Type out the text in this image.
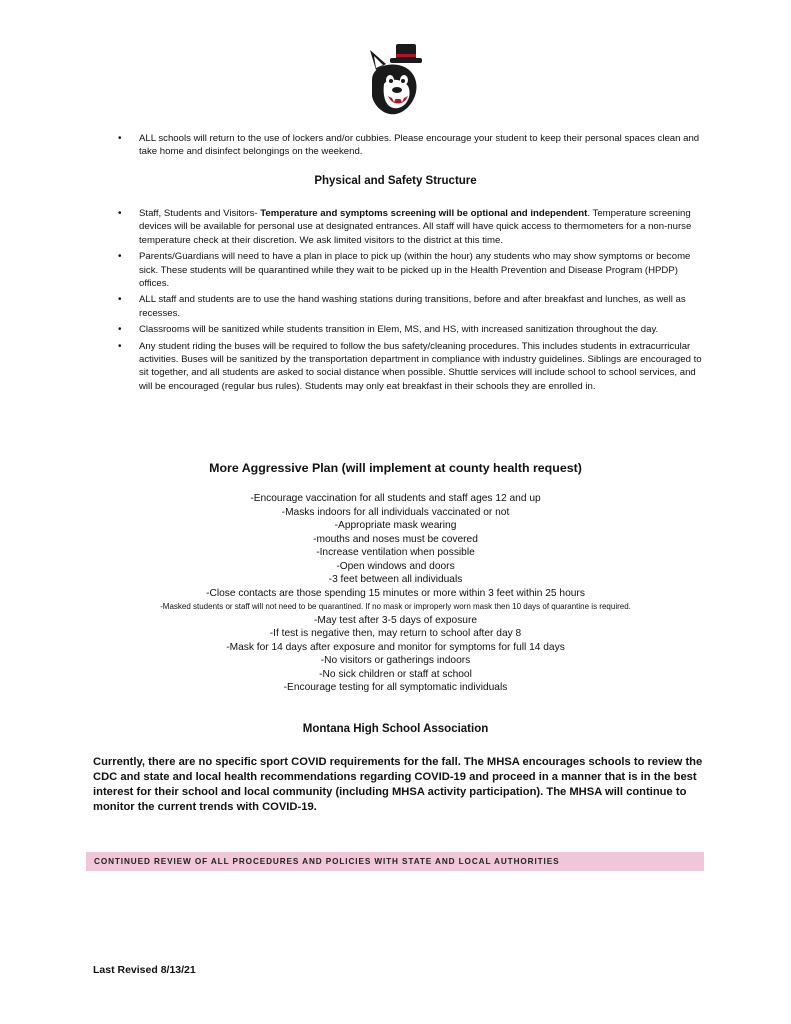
• ALL schools will return to the use of lockers and/or cubbies. Please encourage your student to keep their personal spaces clean and take home and disinfect belongings on the weekend.
Physical and Safety Structure
• Staff, Students and Visitors- Temperature and symptoms screening will be optional and independent. Temperature screening devices will be available for personal use at designated entrances. All staff will have quick access to thermometers for a non-nurse temperature check at their discretion. We ask limited visitors to the district at this time.
• Parents/Guardians will need to have a plan in place to pick up (within the hour) any students who may show symptoms or become sick. These students will be quarantined while they wait to be picked up in the Health Prevention and Disease Program (HPDP) offices.
• ALL staff and students are to use the hand washing stations during transitions, before and after breakfast and lunches, as well as recesses.
• Classrooms will be sanitized while students transition in Elem, MS, and HS, with increased sanitization throughout the day.
• Any student riding the buses will be required to follow the bus safety/cleaning procedures. This includes students in extracurricular activities. Buses will be sanitized by the transportation department in compliance with industry guidelines. Siblings are encouraged to sit together, and all students are asked to social distance when possible. Shuttle services will include school to school services, and will be encouraged (regular bus rules). Students may only eat breakfast in their schools they are enrolled in.
More Aggressive Plan (will implement at county health request)
-Encourage vaccination for all students and staff ages 12 and up
-Masks indoors for all individuals vaccinated or not
-Appropriate mask wearing
-mouths and noses must be covered
-Increase ventilation when possible
-Open windows and doors
-3 feet between all individuals
-Close contacts are those spending 15 minutes or more within 3 feet within 25 hours
-Masked students or staff will not need to be quarantined. If no mask or improperly worn mask then 10 days of quarantine is required.
-May test after 3-5 days of exposure
-If test is negative then, may return to school after day 8
-Mask for 14 days after exposure and monitor for symptoms for full 14 days
-No visitors or gatherings indoors
-No sick children or staff at school
-Encourage testing for all symptomatic individuals
Montana High School Association

Currently, there are no specific sport COVID requirements for the fall. The MHSA encourages schools to review the CDC and state and local health recommendations regarding COVID-19 and proceed in a manner that is in the best interest for their school and local community (including MHSA activity participation). The MHSA will continue to monitor the current trends with COVID-19.

CONTINUED REVIEW OF ALL PROCEDURES AND POLICIES WITH STATE AND LOCAL AUTHORITIES
Last Revised 8/13/21
